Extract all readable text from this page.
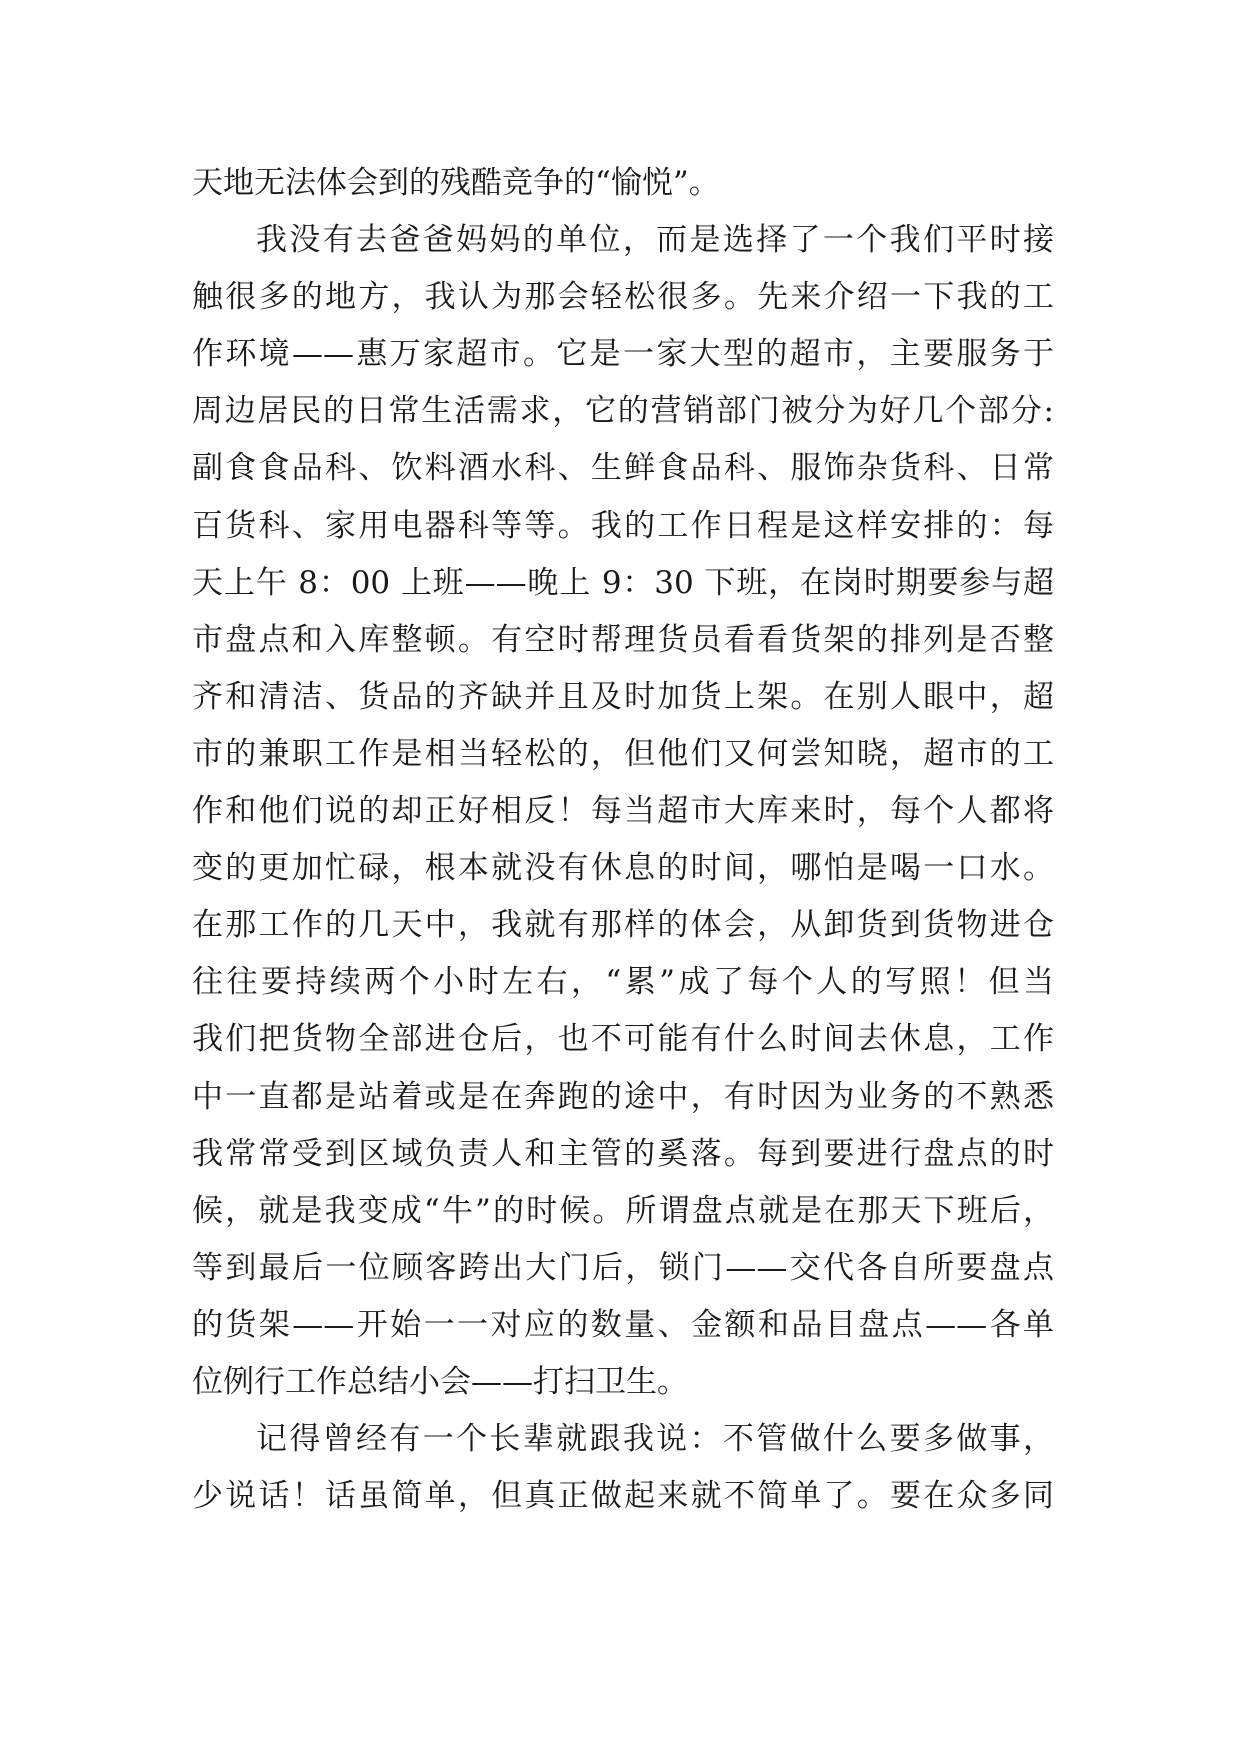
天地无法体会到的残酷竞争的“愉悦”。
我没有去爸爸妈妈的单位，而是选择了一个我们平时接
触很多的地方，我认为那会轻松很多。先来介绍一下我的工
作环境——惠万家超市。它是一家大型的超市，主要服务于
周边居民的日常生活需求，它的营销部门被分为好几个部分:
副食食品科、饮料酒水科、生鲜食品科、服饰杂货科、日常
百货科、家用电器科等等。我的工作日程是这样安排的：每
天上午 8：00 上班——晚上 9：30 下班，在岗时期要参与超
市盘点和入库整顿。有空时帮理货员看看货架的排列是否整
齐和清洁、货品的齐缺并且及时加货上架。在别人眼中，超
市的兼职工作是相当轻松的，但他们又何尝知晓，超市的工
作和他们说的却正好相反！每当超市大库来时，每个人都将
变的更加忙碌，根本就没有休息的时间，哪怕是喝一口水。
在那工作的几天中，我就有那样的体会，从卸货到货物进仓
往往要持续两个小时左右，“累”成了每个人的写照！但当
我们把货物全部进仓后，也不可能有什么时间去休息，工作
中一直都是站着或是在奔跑的途中，有时因为业务的不熟悉
我常常受到区域负责人和主管的奚落。每到要进行盘点的时
候，就是我变成“牛”的时候。所谓盘点就是在那天下班后，
等到最后一位顾客跨出大门后，锁门——交代各自所要盘点
的货架——开始一一对应的数量、金额和品目盘点——各单
位例行工作总结小会——打扫卫生。
记得曾经有一个长辈就跟我说：不管做什么要多做事，
少说话！话虽简单，但真正做起来就不简单了。要在众多同
